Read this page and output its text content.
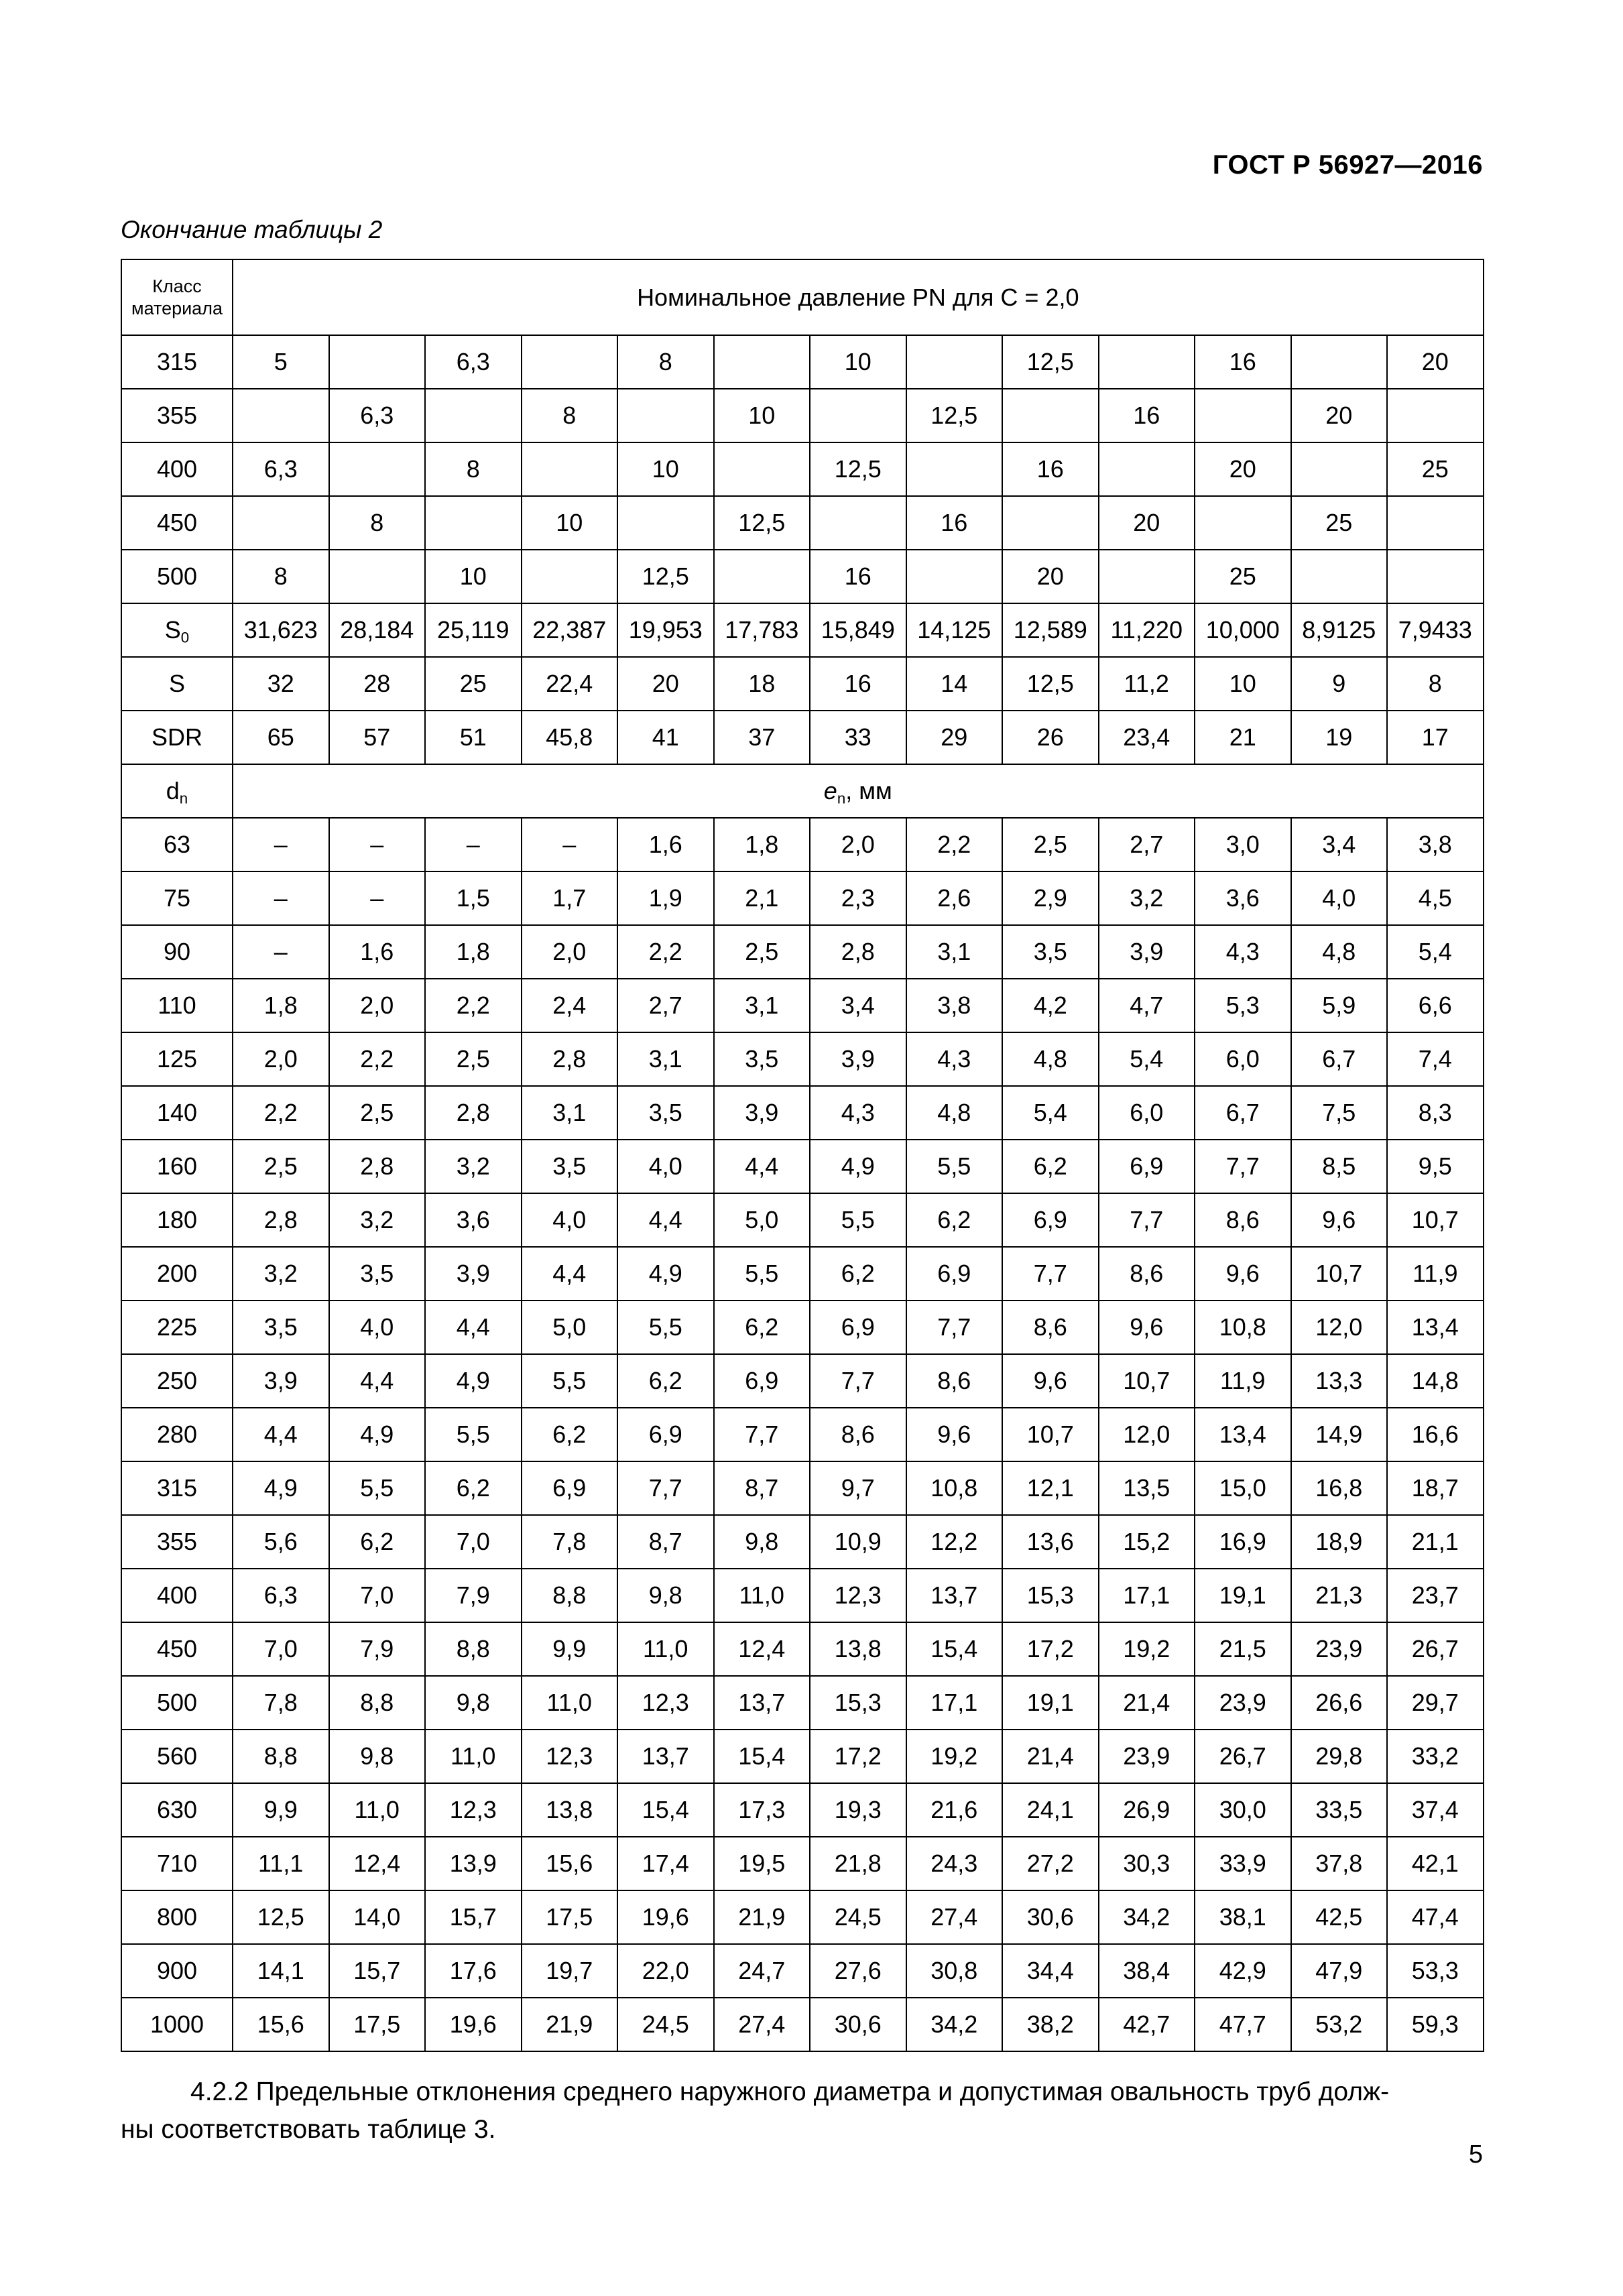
ГОСТ Р 56927—2016
Окончание таблицы 2
Класс
материала	Номинальное давление PN для C = 2,0												
315	5		6,3		8		10		12,5		16		20
355		6,3		8		10		12,5		16		20	
400	6,3		8		10		12,5		16		20		25
450		8		10		12,5		16		20		25	
500	8		10		12,5		16		20		25		
$S_0$	31,623	28,184	25,119	22,387	19,953	17,783	15,849	14,125	12,589	11,220	10,000	8,9125	7,9433
S	32	28	25	22,4	20	18	16	14	12,5	11,2	10	9	8
SDR	65	57	51	45,8	41	37	33	29	26	23,4	21	19	17
$d_n$	$e_n$, мм												
63	–	–	–	–	1,6	1,8	2,0	2,2	2,5	2,7	3,0	3,4	3,8
75	–	–	1,5	1,7	1,9	2,1	2,3	2,6	2,9	3,2	3,6	4,0	4,5
90	–	1,6	1,8	2,0	2,2	2,5	2,8	3,1	3,5	3,9	4,3	4,8	5,4
110	1,8	2,0	2,2	2,4	2,7	3,1	3,4	3,8	4,2	4,7	5,3	5,9	6,6
125	2,0	2,2	2,5	2,8	3,1	3,5	3,9	4,3	4,8	5,4	6,0	6,7	7,4
140	2,2	2,5	2,8	3,1	3,5	3,9	4,3	4,8	5,4	6,0	6,7	7,5	8,3
160	2,5	2,8	3,2	3,5	4,0	4,4	4,9	5,5	6,2	6,9	7,7	8,5	9,5
180	2,8	3,2	3,6	4,0	4,4	5,0	5,5	6,2	6,9	7,7	8,6	9,6	10,7
200	3,2	3,5	3,9	4,4	4,9	5,5	6,2	6,9	7,7	8,6	9,6	10,7	11,9
225	3,5	4,0	4,4	5,0	5,5	6,2	6,9	7,7	8,6	9,6	10,8	12,0	13,4
250	3,9	4,4	4,9	5,5	6,2	6,9	7,7	8,6	9,6	10,7	11,9	13,3	14,8
280	4,4	4,9	5,5	6,2	6,9	7,7	8,6	9,6	10,7	12,0	13,4	14,9	16,6
315	4,9	5,5	6,2	6,9	7,7	8,7	9,7	10,8	12,1	13,5	15,0	16,8	18,7
355	5,6	6,2	7,0	7,8	8,7	9,8	10,9	12,2	13,6	15,2	16,9	18,9	21,1
400	6,3	7,0	7,9	8,8	9,8	11,0	12,3	13,7	15,3	17,1	19,1	21,3	23,7
450	7,0	7,9	8,8	9,9	11,0	12,4	13,8	15,4	17,2	19,2	21,5	23,9	26,7
500	7,8	8,8	9,8	11,0	12,3	13,7	15,3	17,1	19,1	21,4	23,9	26,6	29,7
560	8,8	9,8	11,0	12,3	13,7	15,4	17,2	19,2	21,4	23,9	26,7	29,8	33,2
630	9,9	11,0	12,3	13,8	15,4	17,3	19,3	21,6	24,1	26,9	30,0	33,5	37,4
710	11,1	12,4	13,9	15,6	17,4	19,5	21,8	24,3	27,2	30,3	33,9	37,8	42,1
800	12,5	14,0	15,7	17,5	19,6	21,9	24,5	27,4	30,6	34,2	38,1	42,5	47,4
900	14,1	15,7	17,6	19,7	22,0	24,7	27,6	30,8	34,4	38,4	42,9	47,9	53,3
1000	15,6	17,5	19,6	21,9	24,5	27,4	30,6	34,2	38,2	42,7	47,7	53,2	59,3
4.2.2 Предельные отклонения среднего наружного диаметра и допустимая овальность труб долж-
ны соответствовать таблице 3.
5
